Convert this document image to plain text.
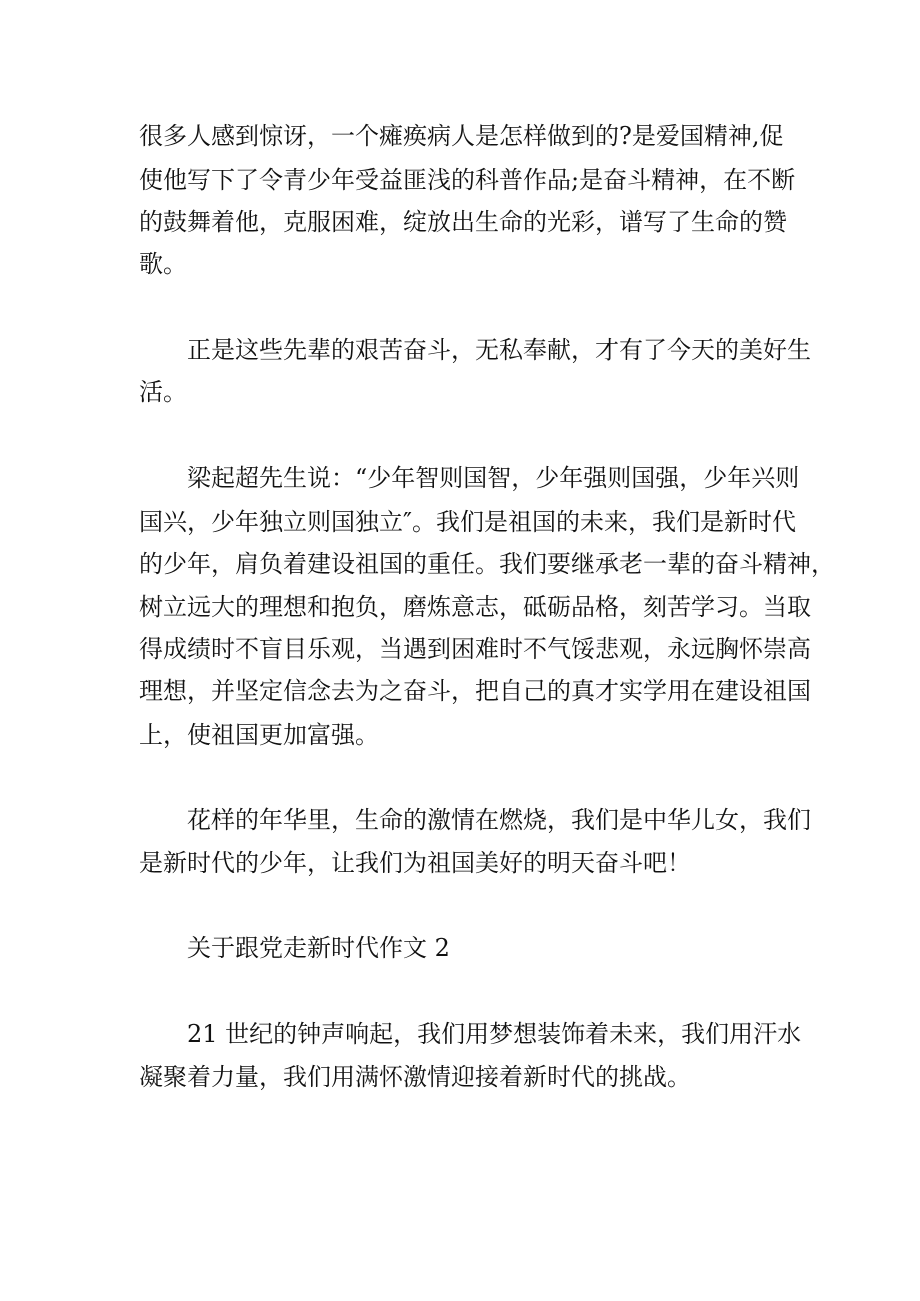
很多人感到惊讶，一个瘫痪病人是怎样做到的?是爱国精神,促
使他写下了令青少年受益匪浅的科普作品;是奋斗精神，在不断
的鼓舞着他，克服困难，绽放出生命的光彩，谱写了生命的赞
歌。
正是这些先辈的艰苦奋斗，无私奉献，才有了今天的美好生
活。
梁起超先生说：“少年智则国智，少年强则国强，少年兴则
国兴，少年独立则国独立″。我们是祖国的未来，我们是新时代
的少年，肩负着建设祖国的重任。我们要继承老一辈的奋斗精神，
树立远大的理想和抱负，磨炼意志，砥砺品格，刻苦学习。当取
得成绩时不盲目乐观，当遇到困难时不气馁悲观，永远胸怀崇高
理想，并坚定信念去为之奋斗，把自己的真才实学用在建设祖国
上，使祖国更加富强。
花样的年华里，生命的激情在燃烧，我们是中华儿女，我们
是新时代的少年，让我们为祖国美好的明天奋斗吧！
关于跟党走新时代作文 2
21 世纪的钟声响起，我们用梦想装饰着未来，我们用汗水
凝聚着力量，我们用满怀激情迎接着新时代的挑战。
